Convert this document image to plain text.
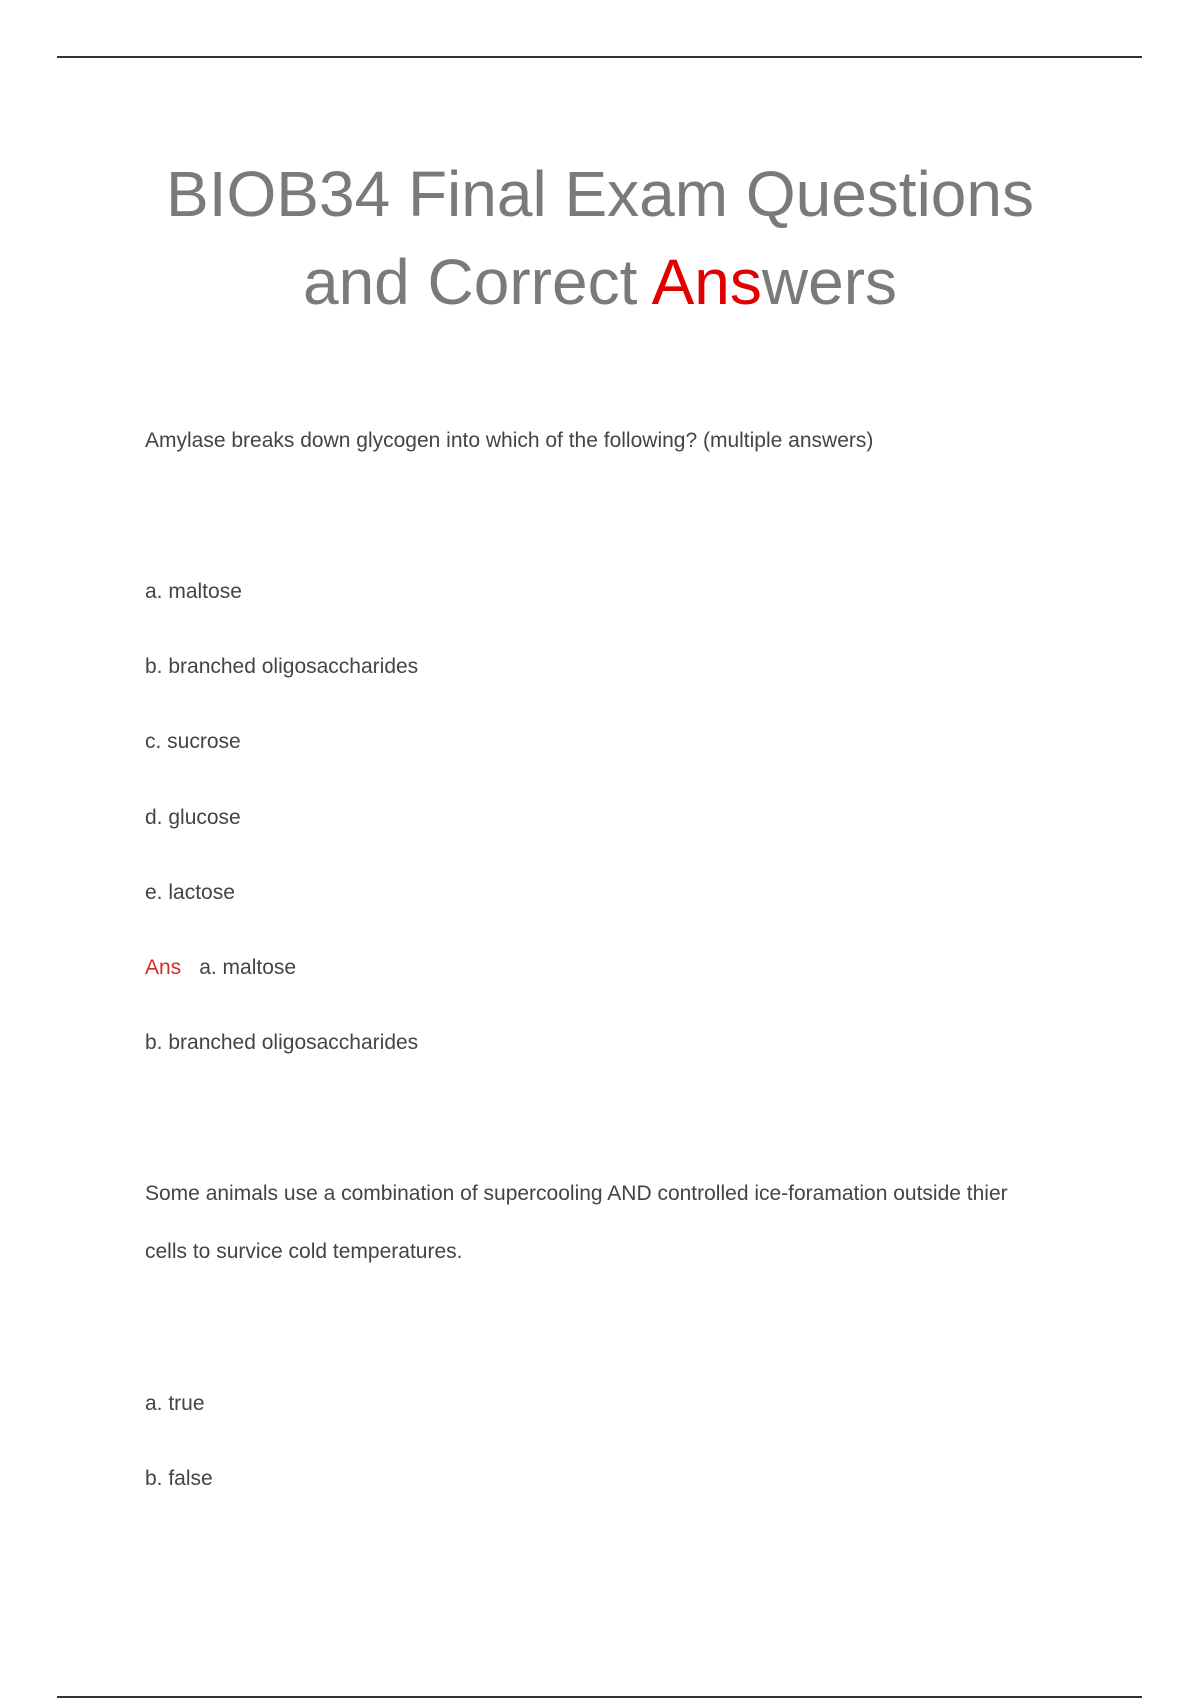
BIOB34 Final Exam Questions
and Correct Answers
Amylase breaks down glycogen into which of the following? (multiple answers)
a. maltose
b. branched oligosaccharides
c. sucrose
d. glucose
e. lactose
Ans a. maltose
b. branched oligosaccharides
Some animals use a combination of supercooling AND controlled ice-foramation outside thier
cells to survice cold temperatures.
a. true
b. false
